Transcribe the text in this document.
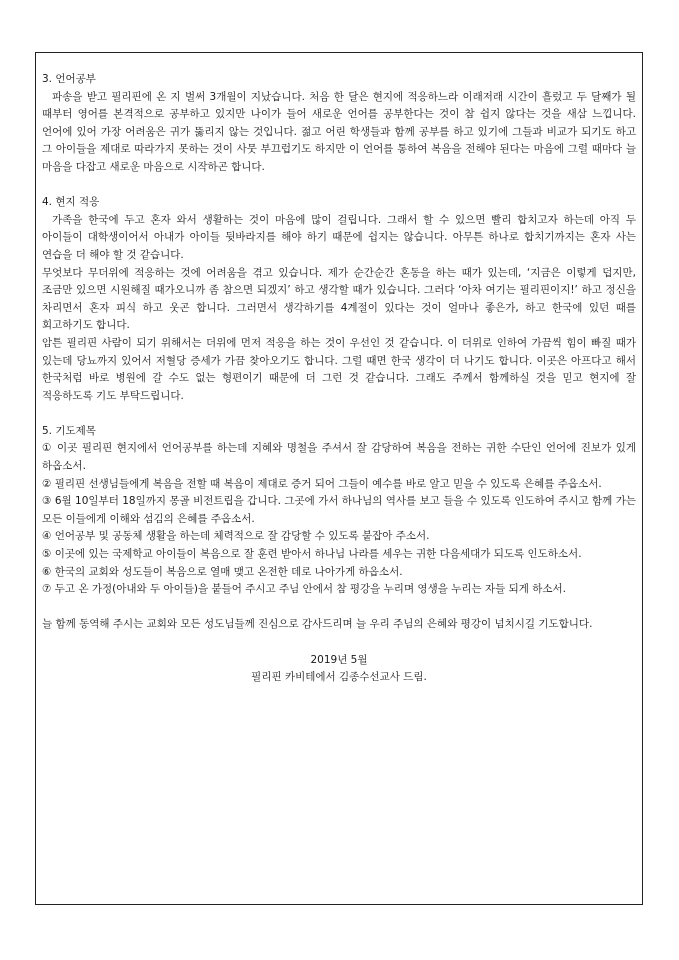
3. 언어공부

파송을 받고 필리핀에 온 지 벌써 3개월이 지났습니다. 처음 한 달은 현지에 적응하느라 이래저래 시간이 흘렀고 두 달째가 될 때부터 영어를 본격적으로 공부하고 있지만 나이가 들어 새로운 언어를 공부한다는 것이 참 쉽지 않다는 것을 새삼 느낍니다. 언어에 있어 가장 어려움은 귀가 뚫리지 않는 것입니다. 젊고 어린 학생들과 함께 공부를 하고 있기에 그들과 비교가 되기도 하고 그 아이들을 제대로 따라가지 못하는 것이 사뭇 부끄럽기도 하지만 이 언어를 통하여 복음을 전해야 된다는 마음에 그럴 때마다 늘 마음을 다잡고 새로운 마음으로 시작하곤 합니다.

4. 현지 적응

가족을 한국에 두고 혼자 와서 생활하는 것이 마음에 많이 걸립니다. 그래서 할 수 있으면 빨리 합치고자 하는데 아직 두 아이들이 대학생이어서 아내가 아이들 뒷바라지를 해야 하기 때문에 쉽지는 않습니다. 아무튼 하나로 합치기까지는 혼자 사는 연습을 더 해야 할 것 같습니다.

무엇보다 무더위에 적응하는 것에 어려움을 겪고 있습니다. 제가 순간순간 혼동을 하는 때가 있는데, ‘지금은 이렇게 덥지만, 조금만 있으면 시원해질 때가오니까 좀 참으면 되겠지’ 하고 생각할 때가 있습니다. 그러다 ‘아차 여기는 필리핀이지!’ 하고 정신을 차리면서 혼자 피식 하고 웃곤 합니다. 그러면서 생각하기를 4계절이 있다는 것이 얼마나 좋은가, 하고 한국에 있던 때를 회고하기도 합니다.

암튼 필리핀 사람이 되기 위해서는 더위에 먼저 적응을 하는 것이 우선인 것 같습니다. 이 더위로 인하여 가끔씩 힘이 빠질 때가 있는데 당뇨까지 있어서 저혈당 증세가 가끔 찾아오기도 합니다. 그럴 때면 한국 생각이 더 나기도 합니다. 이곳은 아프다고 해서 한국처럼 바로 병원에 갈 수도 없는 형편이기 때문에 더 그런 것 같습니다. 그래도 주께서 함께하실 것을 믿고 현지에 잘 적응하도록 기도 부탁드립니다.

5. 기도제목
① 이곳 필리핀 현지에서 언어공부를 하는데 지혜와 명철을 주셔서 잘 감당하여 복음을 전하는 귀한 수단인 언어에 진보가 있게 하옵소서.
② 필리핀 선생님들에게 복음을 전할 때 복음이 제대로 증거 되어 그들이 예수를 바로 알고 믿을 수 있도록 은혜를 주옵소서.
③ 6월 10일부터 18일까지 몽골 비전트립을 갑니다. 그곳에 가서 하나님의 역사를 보고 들을 수 있도록 인도하여 주시고 함께 가는 모든 이들에게 이해와 섬김의 은혜를 주옵소서.
④ 언어공부 및 공동체 생활을 하는데 체력적으로 잘 감당할 수 있도록 붙잡아 주소서.
⑤ 이곳에 있는 국제학교 아이들이 복음으로 잘 훈련 받아서 하나님 나라를 세우는 귀한 다음세대가 되도록 인도하소서.
⑥ 한국의 교회와 성도들이 복음으로 열매 맺고 온전한 데로 나아가게 하옵소서.
⑦ 두고 온 가정(아내와 두 아이들)을 붙들어 주시고 주님 안에서 참 평강을 누리며 영생을 누리는 자들 되게 하소서.

늘 함께 동역해 주시는 교회와 모든 성도님들께 진심으로 감사드리며 늘 우리 주님의 은혜와 평강이 넘치시길 기도합니다.

2019년 5월
필리핀 카비테에서 김종수선교사 드림.
